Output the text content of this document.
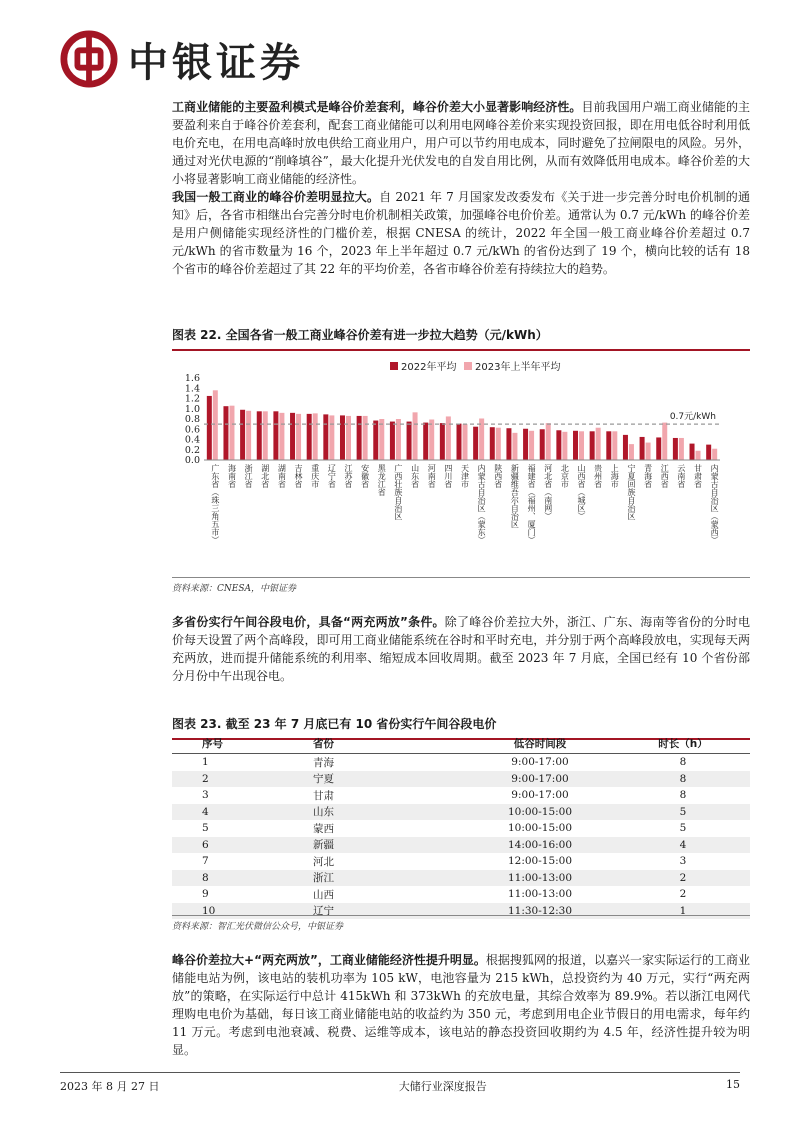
中银证券

工商业储能的主要盈利模式是峰谷价差套利，峰谷价差大小显著影响经济性。目前我国用户端工商业储能的主要盈利来自于峰谷价差套利，配套工商业储能可以利用电网峰谷差价来实现投资回报，即在用电低谷时利用低电价充电，在用电高峰时放电供给工商业用户，用户可以节约用电成本，同时避免了拉闸限电的风险。另外，通过对光伏电源的“削峰填谷”，最大化提升光伏发电的自发自用比例，从而有效降低用电成本。峰谷价差的大小将显著影响工商业储能的经济性。

我国一般工商业的峰谷价差明显拉大。自 2021 年 7 月国家发改委发布《关于进一步完善分时电价机制的通知》后，各省市相继出台完善分时电价机制相关政策，加强峰谷电价价差。通常认为 0.7 元/kWh 的峰谷价差是用户侧储能实现经济性的门槛价差，根据 CNESA 的统计，2022 年全国一般工商业峰谷价差超过 0.7 元/kWh 的省市数量为 16 个，2023 年上半年超过 0.7 元/kWh 的省份达到了 19 个，横向比较的话有 18 个省市的峰谷价差超过了其 22 年的平均价差，各省市峰谷价差有持续拉大的趋势。

图表 22. 全国各省一般工商业峰谷价差有进一步拉大趋势（元/kWh）
2022年平均 2023年上半年平均
0.0
0.2
0.4
0.6
0.8
1.0
1.2
1.4
1.6
广东省（珠三角五市） 海南省 浙江省 湖北省 湖南省 吉林省 重庆市 辽宁省 江苏省 安徽省 黑龙江省 广西壮族自治区 山东省 河南省 四川省 天津市 内蒙古自治区（蒙东） 陕西省 新疆维吾尔自治区 福建省（福州、厦门） 河北省（南网） 北京市 山西省（城区） 贵州省 上海市 宁夏回族自治区 青海省 江西省 云南省 甘肃省 内蒙古自治区（蒙西）
0.7元/kWh
资料来源：CNESA，中银证券

多省份实行午间谷段电价，具备“两充两放”条件。除了峰谷价差拉大外，浙江、广东、海南等省份的分时电价每天设置了两个高峰段，即可用工商业储能系统在谷时和平时充电，并分别于两个高峰段放电，实现每天两充两放，进而提升储能系统的利用率、缩短成本回收周期。截至 2023 年 7 月底，全国已经有 10 个省份部分月份中午出现谷电。

图表 23. 截至 23 年 7 月底已有 10 省份实行午间谷段电价
序号	省份	低谷时间段	时长（h）
1	青海	9:00-17:00	8
2	宁夏	9:00-17:00	8
3	甘肃	9:00-17:00	8
4	山东	10:00-15:00	5
5	蒙西	10:00-15:00	5
6	新疆	14:00-16:00	4
7	河北	12:00-15:00	3
8	浙江	11:00-13:00	2
9	山西	11:00-13:00	2
10	辽宁	11:30-12:30	1
资料来源：智汇光伏微信公众号，中银证券

峰谷价差拉大+“两充两放”，工商业储能经济性提升明显。根据搜狐网的报道，以嘉兴一家实际运行的工商业储能电站为例，该电站的装机功率为 105 kW，电池容量为 215 kWh，总投资约为 40 万元，实行“两充两放”的策略，在实际运行中总计 415kWh 和 373kWh 的充放电量，其综合效率为 89.9%。若以浙江电网代理购电电价为基础，每日该工商业储能电站的收益约为 350 元，考虑到用电企业节假日的用电需求，每年约 11 万元。考虑到电池衰减、税费、运维等成本，该电站的静态投资回收期约为 4.5 年，经济性提升较为明显。

2023 年 8 月 27 日	大储行业深度报告	15
